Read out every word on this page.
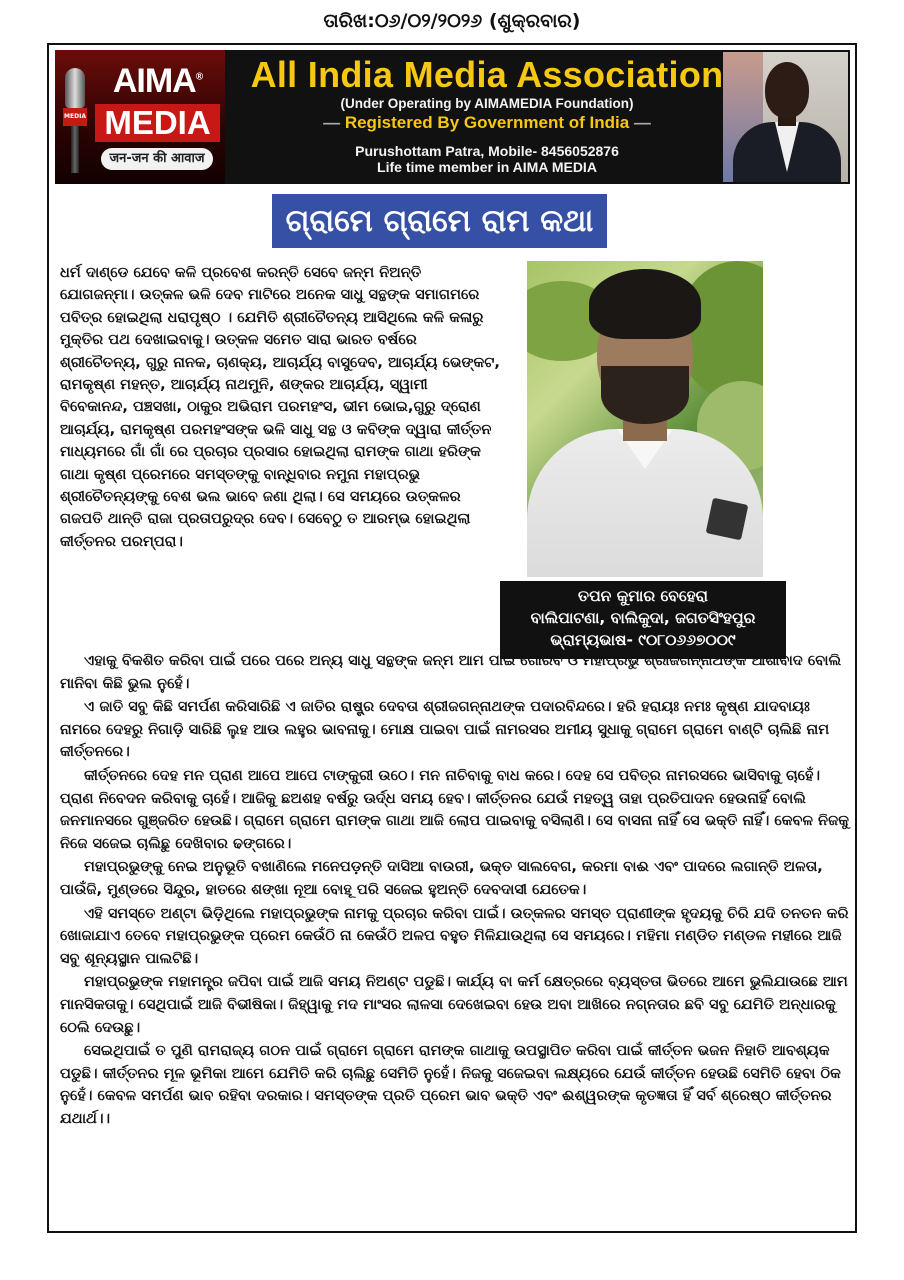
ତାରିଖ:୦୬/୦୨/୨୦୨୬ (ଶୁକ୍ରବାର)
MEDIA
AIMA®
MEDIA
जन-जन की आवाज
All India Media Association
(Under Operating by AIMAMEDIA Foundation)
— Registered By Government of India —
Purushottam Patra, Mobile- 8456052876
Life time member in AIMA MEDIA
ଗ୍ରାମେ ଗ୍ରାମେ ରାମ କଥା

ଧର୍ମ ଦାଣ୍ଡେ ଯେବେ କଳି ପ୍ରବେଶ କରନ୍ତି ସେବେ ଜନ୍ମ ନିଅନ୍ତି ଯୋଗଜନ୍ମା। ଉତ୍କଳ ଭଳି ଦେବ ମାଟିରେ ଅନେକ ସାଧୁ ସନ୍ଥଙ୍କ ସମାଗମରେ ପବିତ୍ର ହୋଇଥିଲା ଧରାପୃଷ୍ଠ । ଯେମିତି ଶ୍ରୀଚୈତନ୍ୟ ଆସିଥିଲେ କଳି କଳାରୁ ମୁକ୍ତିର ପଥ ଦେଖାଇବାକୁ। ଉତ୍କଳ ସମେତ ସାରା ଭାରତ ବର୍ଷରେ ଶ୍ରୀଚୈତନ୍ୟ, ଗୁରୁ ନାନକ, ଚାଣକ୍ୟ, ଆଚାର୍ଯ୍ୟ ବାସୁଦେବ, ଆଚାର୍ଯ୍ୟ ଭେଙ୍କଟ, ରାମକୃଷ୍ଣ ମହନ୍ତ, ଆଚାର୍ଯ୍ୟ ନାଥମୁନି, ଶଙ୍କର ଆଚାର୍ଯ୍ୟ, ସ୍ୱାମୀ ବିବେକାନନ୍ଦ, ପଞ୍ଚସଖା, ଠାକୁର ଅଭିରାମ ପରମହଂସ, ଭୀମ ଭୋଇ,ଗୁରୁ ଦ୍ରୋଣ ଆଚାର୍ଯ୍ୟ, ରାମକୃଷ୍ଣ ପରମହଂସଙ୍କ ଭଳି ସାଧୁ ସନ୍ଥ ଓ କବିଙ୍କ ଦ୍ୱାରା କୀର୍ତ୍ତନ ମାଧ୍ୟମରେ ଗାଁ ଗାଁ ରେ ପ୍ରଚାର ପ୍ରସାର ହୋଇଥିଲା ରାମଙ୍କ ଗାଥା ହରିଙ୍କ ଗାଥା କୃଷ୍ଣ ପ୍ରେମରେ ସମସ୍ତଙ୍କୁ ବାନ୍ଧିବାର ନମୁନା ମହାପ୍ରଭୁ ଶ୍ରୀଚୈତନ୍ୟଙ୍କୁ ବେଶ ଭଲ ଭାବେ ଜଣା ଥିଲା। ସେ ସମୟରେ ଉତ୍କଳର ଗଜପତି ଥାନ୍ତି ରାଜା ପ୍ରତାପରୁଦ୍ର ଦେବ। ସେବେଠୁ ତ ଆରମ୍ଭ ହୋଇଥିଲା କୀର୍ତ୍ତନର ପରମ୍ପରା।

ତପନ କୁମାର ବେହେରା
ବାଲିପାଟଣା, ବାଲିକୁଦା, ଜଗତସିଂହପୁର
ଭ୍ରାମ୍ୟଭାଷ- ୯୦୮୦୬୬୭୦୦୯

ଏହାକୁ ବିକଶିତ କରିବା ପାଇଁ ପରେ ପରେ ଅନ୍ୟ ସାଧୁ ସନ୍ଥଙ୍କ ଜନ୍ମ ଆମ ପାଇଁ ଗୌରବ ଓ ମହାପ୍ରଭୁ ଶ୍ରୀଜଗନ୍ନାଥଙ୍କ ଆର୍ଶୀବାଦ ବୋଲି ମାନିବା କିଛି ଭୁଲ ନୁହେଁ।

ଏ ଜାତି ସବୁ କିଛି ସମର୍ପଣ କରିସାରିଛି ଏ ଜାତିର ରାଷ୍ଟ୍ର ଦେବତା ଶ୍ରୀଜଗନ୍ନାଥଙ୍କ ପଦାରବିନ୍ଦରେ। ହରି ହରାୟଃ ନମଃ କୃଷ୍ଣ ଯାଦବାୟଃ ନାମରେ ଦେହରୁ ନିଗାଡ଼ି ସାରିଛି ଲୁହ ଆଉ ଲହୁର ଭାବନାକୁ। ମୋକ୍ଷ ପାଇବା ପାଇଁ ନାମରସର ଅମୀୟ ସୁଧାକୁ ଗ୍ରାମେ ଗ୍ରାମେ ବାଣ୍ଟି ଚାଲିଛି ନାମ କୀର୍ତ୍ତନରେ।

କୀର୍ତ୍ତନରେ ଦେହ ମନ ପ୍ରାଣ ଆପେ ଆପେ ଟାଙ୍କୁରୀ ଉଠେ। ମନ ନାଚିବାକୁ ବାଧ କରେ। ଦେହ ସେ ପବିତ୍ର ନାମରସରେ ଭାସିବାକୁ ଚାହେଁ। ପ୍ରାଣ ନିବେଦନ କରିବାକୁ ଚାହେଁ। ଆଜିକୁ ଛଅଶହ ବର୍ଷରୁ ଊର୍ଦ୍ଧ ସମୟ ହେବ। କୀର୍ତ୍ତନର ଯେଉଁ ମହତ୍ୱ ତାହା ପ୍ରତିପାଦନ ହେଉନାହିଁ ବୋଲି ଜନମାନସରେ ଗୁଞ୍ଜରିତ ହେଉଛି। ଗ୍ରାମେ ଗ୍ରାମେ ରାମଙ୍କ ଗାଥା ଆଜି ଲୋପ ପାଇବାକୁ ବସିଲାଣି। ସେ ବାସନା ନାହିଁ ସେ ଭକ୍ତି ନାହିଁ। କେବଳ ନିଜକୁ ନିଜେ ସଜେଇ ଚାଲିଛୁ ଦେଖିବାର ଢଙ୍ଗରେ।

ମହାପ୍ରଭୁଙ୍କୁ ନେଇ ଅନୁଭୂତି ବଖାଣିଲେ ମନେପଡ଼ନ୍ତି ଦାସିଆ ବାଉରୀ, ଭକ୍ତ ସାଲବେଗ, କରମା ବାଈ ଏବଂ ପାଦରେ ଲଗାନ୍ତି ଅଳତା, ପାଉଁଜି, ମୁଣ୍ଡରେ ସିନ୍ଦୁର, ହାତରେ ଶଙ୍ଖା ନୂଆ ବୋହୂ ପରି ସଜେଇ ହୁଅନ୍ତି ଦେବଦାସୀ ଯେତେକ।

ଏହି ସମସ୍ତେ ଅଣ୍ଟା ଭିଡ଼ିଥିଲେ ମହାପ୍ରଭୁଙ୍କ ନାମକୁ ପ୍ରଚାର କରିବା ପାଇଁ। ଉତ୍କଳର ସମସ୍ତ ପ୍ରାଣୀଙ୍କ ହୃଦୟକୁ ଚିରି ଯଦି ତନତନ କରି ଖୋଜାଯାଏ ତେବେ ମହାପ୍ରଭୁଙ୍କ ପ୍ରେମ କେଉଁଠି ନା କେଉଁଠି ଅଳପ ବହୁତ ମିଳିଯାଉଥିଲା ସେ ସମୟରେ। ମହିମା ମଣ୍ଡିତ ମଣ୍ଡଳ ମହୀରେ ଆଜି ସବୁ ଶୂନ୍ୟସ୍ଥାନ ପାଲଟିଛି।

ମହାପ୍ରଭୁଙ୍କ ମହାମନ୍ତ୍ର ଜପିବା ପାଇଁ ଆଜି ସମୟ ନିଅଣ୍ଟ ପଡୁଛି। କାର୍ଯ୍ୟ ବା କର୍ମ କ୍ଷେତ୍ରରେ ବ୍ୟସ୍ତତା ଭିତରେ ଆମେ ଭୁଲିଯାଉଛେ ଆମ ମାନସିକତାକୁ। ସେଥିପାଇଁ ଆଜି ବିଭୀଷିକା। ଜିହ୍ୱାକୁ ମଦ ମାଂସର ଲାଳସା ଦେଖେଇବା ହେଉ ଅବା ଆଖିରେ ନଗ୍ନତାର ଛବି ସବୁ ଯେମିତି ଅନ୍ଧାରକୁ ଠେଲି ଦେଉଛୁ।

ସେଇଥିପାଇଁ ତ ପୁଣି ରାମରାଜ୍ୟ ଗଠନ ପାଇଁ ଗ୍ରାମେ ଗ୍ରାମେ ରାମଙ୍କ ଗାଥାକୁ ଉପସ୍ଥାପିତ କରିବା ପାଇଁ କୀର୍ତ୍ତନ ଭଜନ ନିହାତି ଆବଶ୍ୟକ ପଡୁଛି। କୀର୍ତ୍ତନର ମୂଳ ଭୂମିକା ଆମେ ଯେମିତି କରି ଚାଲିଛୁ ସେମିତି ନୁହେଁ। ନିଜକୁ ସଜେଇବା ଲକ୍ଷ୍ୟରେ ଯେଉଁ କୀର୍ତ୍ତନ ହେଉଛି ସେମିତି ହେବା ଠିକ ନୁହେଁ। କେବଳ ସମର୍ପଣ ଭାବ ରହିବା ଦରକାର। ସମସ୍ତଙ୍କ ପ୍ରତି ପ୍ରେମ ଭାବ ଭକ୍ତି ଏବଂ ଈଶ୍ୱରଙ୍କ କୃତଜ୍ଞତା ହିଁ ସର୍ବ ଶ୍ରେଷ୍ଠ କୀର୍ତ୍ତନର ଯଥାର୍ଥ।।
